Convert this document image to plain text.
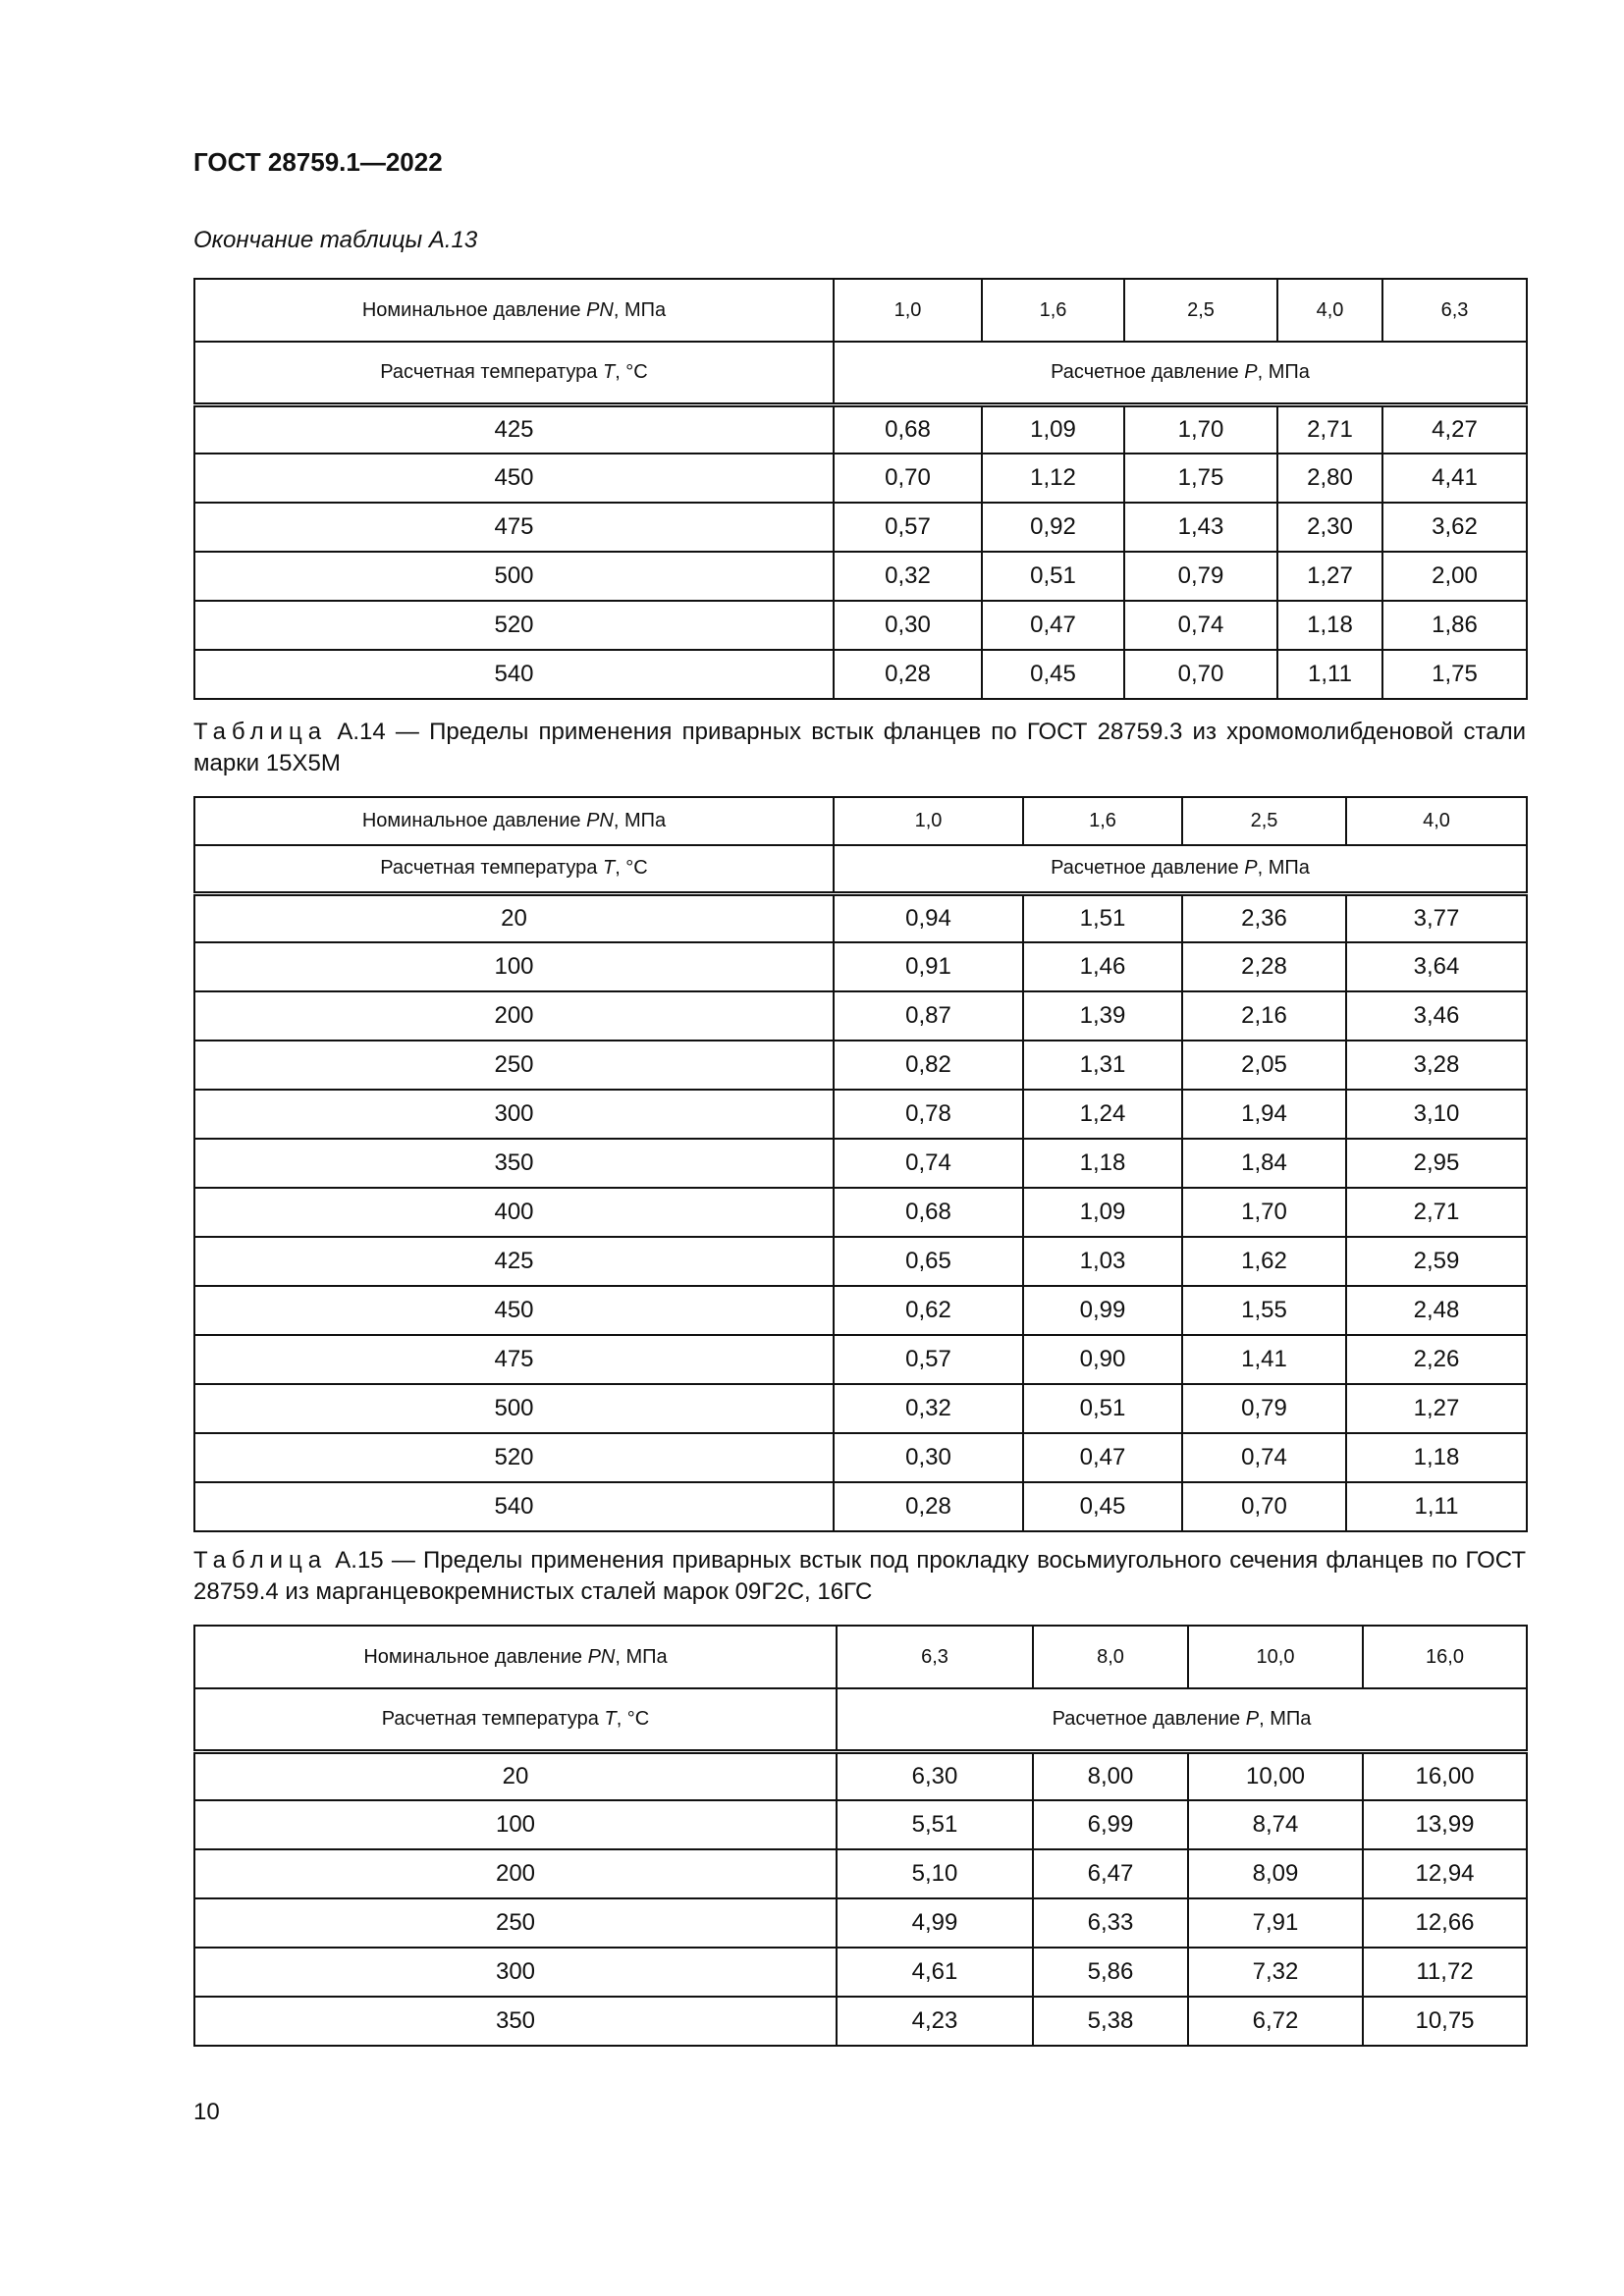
ГОСТ 28759.1—2022
Окончание таблицы А.13
Номинальное давление PN, МПа	1,0	1,6	2,5	4,0	6,3
Расчетная температура T, °С	Расчетное давление P, МПа				
425	0,68	1,09	1,70	2,71	4,27
450	0,70	1,12	1,75	2,80	4,41
475	0,57	0,92	1,43	2,30	3,62
500	0,32	0,51	0,79	1,27	2,00
520	0,30	0,47	0,74	1,18	1,86
540	0,28	0,45	0,70	1,11	1,75
Таблица А.14 — Пределы применения приварных встык фланцев по ГОСТ 28759.3 из хромомолибденовой стали марки 15Х5М
Номинальное давление PN, МПа	1,0	1,6	2,5	4,0
Расчетная температура T, °С	Расчетное давление P, МПа			
20	0,94	1,51	2,36	3,77
100	0,91	1,46	2,28	3,64
200	0,87	1,39	2,16	3,46
250	0,82	1,31	2,05	3,28
300	0,78	1,24	1,94	3,10
350	0,74	1,18	1,84	2,95
400	0,68	1,09	1,70	2,71
425	0,65	1,03	1,62	2,59
450	0,62	0,99	1,55	2,48
475	0,57	0,90	1,41	2,26
500	0,32	0,51	0,79	1,27
520	0,30	0,47	0,74	1,18
540	0,28	0,45	0,70	1,11
Таблица А.15 — Пределы применения приварных встык под прокладку восьмиугольного сечения фланцев по ГОСТ 28759.4 из марганцевокремнистых сталей марок 09Г2С, 16ГС
Номинальное давление PN, МПа	6,3	8,0	10,0	16,0
Расчетная температура T, °С	Расчетное давление P, МПа			
20	6,30	8,00	10,00	16,00
100	5,51	6,99	8,74	13,99
200	5,10	6,47	8,09	12,94
250	4,99	6,33	7,91	12,66
300	4,61	5,86	7,32	11,72
350	4,23	5,38	6,72	10,75
10
